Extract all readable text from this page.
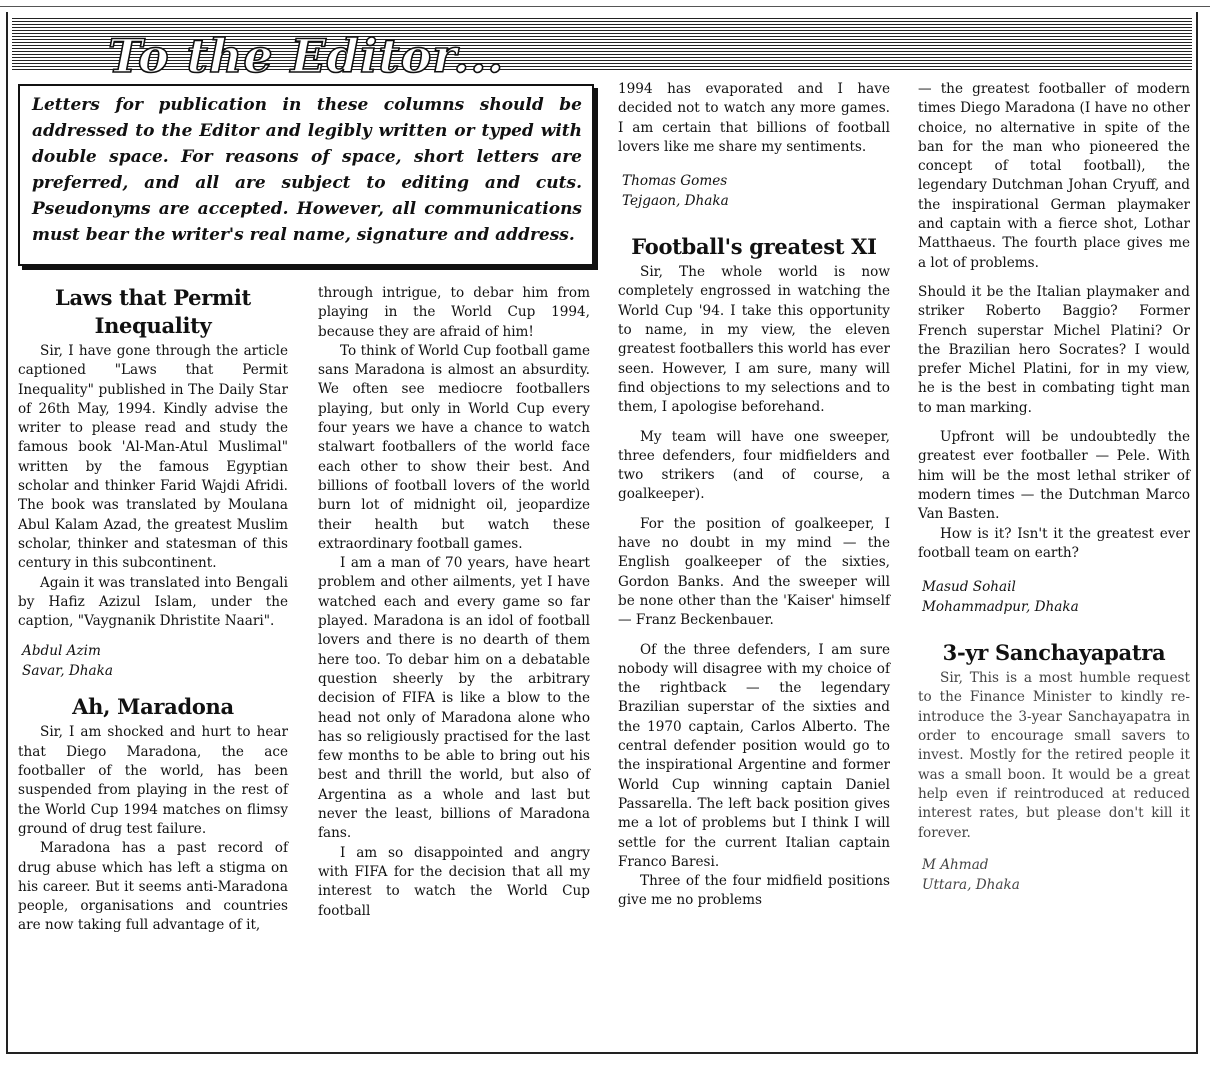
To the Editor...
Letters for publication in these columns should be addressed to the Editor and legibly written or typed with double space. For reasons of space, short letters are preferred, and all are subject to editing and cuts. Pseudonyms are accepted. However, all communications must bear the writer's real name, signature and address.
Laws that Permit Inequality

Sir, I have gone through the article captioned "Laws that Permit Inequality" published in The Daily Star of 26th May, 1994. Kindly advise the writer to please read and study the famous book 'Al-Man-Atul Muslimal" written by the famous Egyptian scholar and thinker Farid Wajdi Afridi. The book was translated by Moulana Abul Kalam Azad, the greatest Muslim scholar, thinker and statesman of this century in this subcontinent.

Again it was translated into Bengali by Hafiz Azizul Islam, under the caption, "Vaygnanik Dhristite Naari".

Abdul Azim
Savar, Dhaka
Ah, Maradona

Sir, I am shocked and hurt to hear that Diego Maradona, the ace footballer of the world, has been suspended from playing in the rest of the World Cup 1994 matches on flimsy ground of drug test failure.

Maradona has a past record of drug abuse which has left a stigma on his career. But it seems anti-Maradona people, organisations and countries are now taking full advantage of it,

through intrigue, to debar him from playing in the World Cup 1994, because they are afraid of him!

To think of World Cup football game sans Maradona is almost an absurdity. We often see mediocre footballers playing, but only in World Cup every four years we have a chance to watch stalwart footballers of the world face each other to show their best. And billions of football lovers of the world burn lot of midnight oil, jeopardize their health but watch these extraordinary football games.

I am a man of 70 years, have heart problem and other ailments, yet I have watched each and every game so far played. Maradona is an idol of football lovers and there is no dearth of them here too. To debar him on a debatable question sheerly by the arbitrary decision of FIFA is like a blow to the head not only of Maradona alone who has so religiously practised for the last few months to be able to bring out his best and thrill the world, but also of Argentina as a whole and last but never the least, billions of Maradona fans.

I am so disappointed and angry with FIFA for the decision that all my interest to watch the World Cup football

1994 has evaporated and I have decided not to watch any more games. I am certain that billions of football lovers like me share my sentiments.

Thomas Gomes
Tejgaon, Dhaka
Football's greatest XI

Sir, The whole world is now completely engrossed in watching the World Cup '94. I take this opportunity to name, in my view, the eleven greatest footballers this world has ever seen. However, I am sure, many will find objections to my selections and to them, I apologise beforehand.

My team will have one sweeper, three defenders, four midfielders and two strikers (and of course, a goalkeeper).

For the position of goalkeeper, I have no doubt in my mind — the English goalkeeper of the sixties, Gordon Banks. And the sweeper will be none other than the 'Kaiser' himself — Franz Beckenbauer.

Of the three defenders, I am sure nobody will disagree with my choice of the rightback — the legendary Brazilian superstar of the sixties and the 1970 captain, Carlos Alberto. The central defender position would go to the inspirational Argentine and former World Cup winning captain Daniel Passarella. The left back position gives me a lot of problems but I think I will settle for the current Italian captain Franco Baresi.

Three of the four midfield positions give me no problems

— the greatest footballer of modern times Diego Maradona (I have no other choice, no alternative in spite of the ban for the man who pioneered the concept of total football), the legendary Dutchman Johan Cryuff, and the inspirational German playmaker and captain with a fierce shot, Lothar Matthaeus. The fourth place gives me a lot of problems.

Should it be the Italian playmaker and striker Roberto Baggio? Former French superstar Michel Platini? Or the Brazilian hero Socrates? I would prefer Michel Platini, for in my view, he is the best in combating tight man to man marking.

Upfront will be undoubtedly the greatest ever footballer — Pele. With him will be the most lethal striker of modern times — the Dutchman Marco Van Basten.

How is it? Isn't it the greatest ever football team on earth?

Masud Sohail
Mohammadpur, Dhaka
3-yr Sanchayapatra

Sir, This is a most humble request to the Finance Minister to kindly re-introduce the 3-year Sanchayapatra in order to encourage small savers to invest. Mostly for the retired people it was a small boon. It would be a great help even if reintroduced at reduced interest rates, but please don't kill it forever.

M Ahmad
Uttara, Dhaka
